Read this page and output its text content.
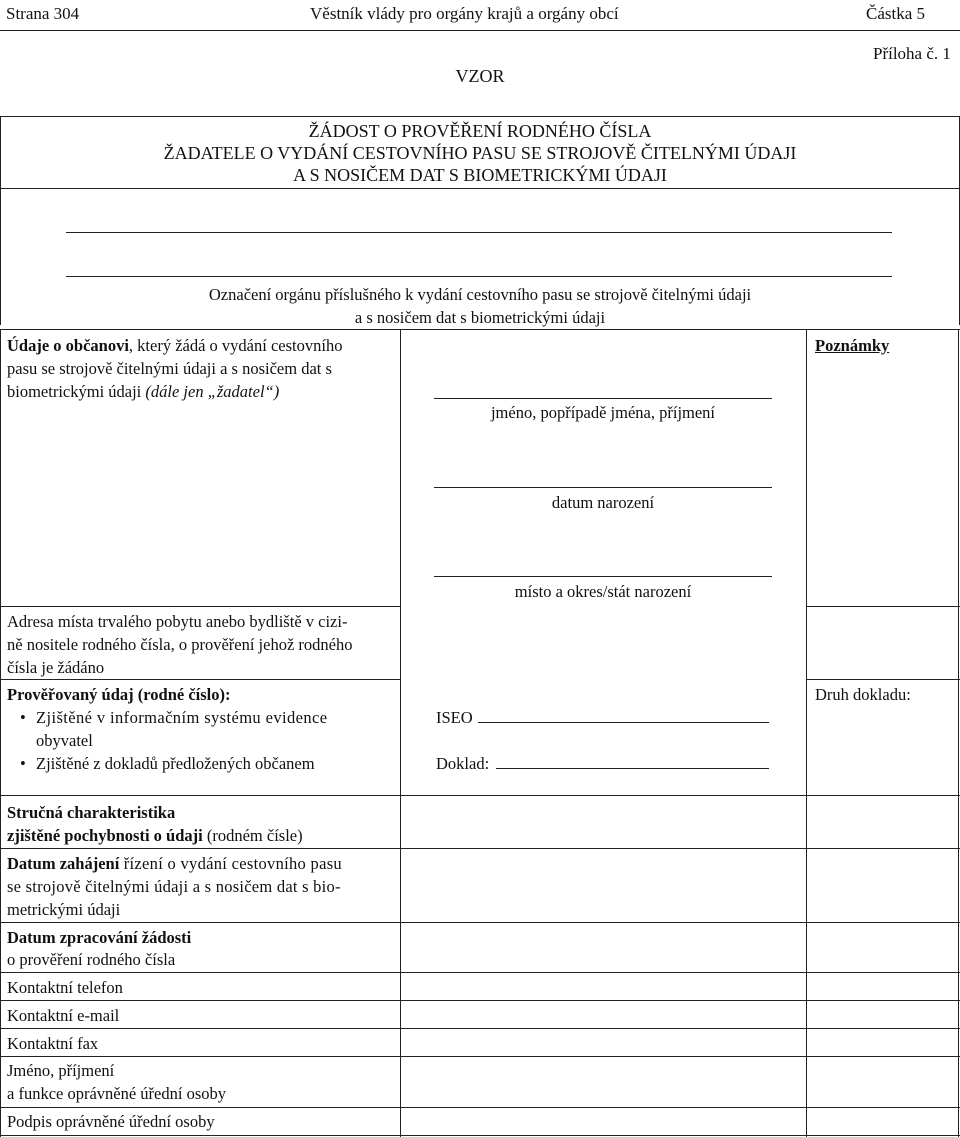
Strana 304	Věstník vlády pro orgány krajů a orgány obcí	Částka 5
Příloha č. 1
VZOR
ŽÁDOST O PROVĚŘENÍ RODNÉHO ČÍSLA
ŽADATELE O VYDÁNÍ CESTOVNÍHO PASU SE STROJOVĚ ČITELNÝMI ÚDAJI
A S NOSIČEM DAT S BIOMETRICKÝMI ÚDAJI
Označení orgánu příslušného k vydání cestovního pasu se strojově čitelnými údaji
a s nosičem dat s biometrickými údaji
Údaje o občanovi, který žádá o vydání cestovního
pasu se strojově čitelnými údaji a s nosičem dat s
biometrickými údaji (dále jen „žadatel“)
Poznámky
jméno, popřípadě jména, příjmení
datum narození
místo a okres/stát narození
Adresa místa trvalého pobytu anebo bydliště v cizi-
ně nositele rodného čísla, o prověření jehož rodného
čísla je žádáno
Prověřovaný údaj (rodné číslo):
• Zjištěné v informačním systému evidence
obyvatel
• Zjištěné z dokladů předložených občanem
ISEO
Doklad:
Druh dokladu:
Stručná charakteristika
zjištěné pochybnosti o údaji (rodném čísle)
Datum zahájení řízení o vydání cestovního pasu
se strojově čitelnými údaji a s nosičem dat s bio-
metrickými údaji
Datum zpracování žádosti
o prověření rodného čísla
Kontaktní telefon
Kontaktní e-mail
Kontaktní fax
Jméno, příjmení
a funkce oprávněné úřední osoby
Podpis oprávněné úřední osoby
